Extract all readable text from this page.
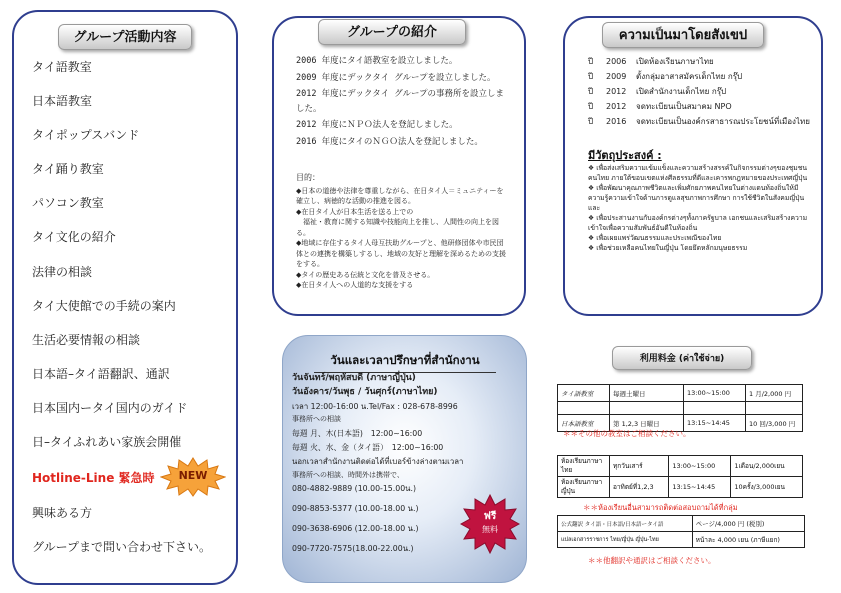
グループ活動内容
タイ語教室
日本語教室
タイポップスバンド
タイ踊り教室
パソコン教室
タイ文化の紹介
法律の相談
タイ大使館での手続の案内
生活必要情報の相談
日本語–タイ語翻訳、通訳
日本国内ータイ国内のガイド
日–タイふれあい家族会開催
興味ある方
グループまで問い合わせ下さい。
Hotline-Line 緊急時	NEW
グループの紹介
2006 年度にタイ語教室を設立しました。
2009 年度にデックタイ グループを設立しました。
2012 年度にデックタイ グループの事務所を設立しました。
2012 年度にＮＰＯ法人を登記しました。
2016 年度にタイのＮＧＯ法人を登記しました。
目的：
◆日本の道徳や法律を尊重しながら、在日タイ人＝ミュニティーを確立し、病徳的な活動の推進を図る。
◆在日タイ人が日本生活を送る上での
　福祉・教育に関する知識や技能向上を推し、人間性の向上を図る。
◆地域に存住するタイ人母互扶助グループと、他研修団体や市民団体との連携を構築しするし、地域の友好と理解を深めるための支援をする。
◆タイの歴史ある伝統と文化を普及させる。
◆在日タイ人への人道的な支援をする
ความเป็นมาโดยสังเขป
ปี	2006	เปิดห้องเรียนภาษาไทย
ปี	2009	ตั้งกลุ่มอาสาสมัครเด็กไทย กรุ๊ป
ปี	2012	เปิดสำนักงานเด็กไทย กรุ๊ป
ปี	2012	จดทะเบียนเป็นสมาคม NPO
ปี 2016 จดทะเบียนเป็นองค์กรสาธารณประโยชน์ที่เมืองไทย
มีวัตถุประสงค์ :
❖ เพื่อส่งเสริมความเข้มแข็งและความสร้างสรรค์ในกิจกรรมต่างๆของชุมชนคนไทย ภายใต้ขอบเขตแห่งศีลธรรมที่ดีและเคารพกฎหมายของประเทศญี่ปุ่น
❖ เพื่อพัฒนาคุณภาพชีวิตและเพิ่มศักยภาพคนไทยในต่างแดนท้องถิ่นให้มีความรู้ความเข้าใจด้านการดูแลสุขภาพการศึกษา การใช้ชีวิตในสังคมญี่ปุ่นและ
❖ เพื่อประสานงานกับองค์กรต่างๆทั้งภาครัฐบาล เอกชนและเสริมสร้างความเข้าใจเพื่อความสัมพันธ์อันดีในท้องถิ่น
❖ เพื่อเผยแพร่วัฒนธรรมและประเพณีของไทย
❖ เพื่อช่วยเหลือคนไทยในญี่ปุ่น โดยยึดหลักมนุษยธรรม
วันและเวลาปรึกษาที่สำนักงาน
วันจันทร์/พฤหัสบดี (ภาษาญี่ปุ่น)
วันอังคาร/วันพุธ / วันศุกร์(ภาษาไทย)
เวลา 12:00-16:00 น.Tel/Fax : 028-678-8996
事務所への相談
毎週 月、木(日本語)　12:00~16:00
毎週 火、水、金（タイ語）　12:00~16:00
นอกเวลาสำนักงานติดต่อได้ที่เบอร์ข้างล่างตามเวลา
事務所への相談、時間外は携帯で、
080-4882-9889 (10.00-15.00น.)
090-8853-5377 (10.00-18.00 น.)
090-3638-6906 (12.00-18.00 น.)
090-7720-7575(18.00-22.00น.)
ฟรี
無料
利用料金 (ค่าใช้จ่าย)
タイ語教室	毎週土曜日	13:00~15:00	1 月/2,000 円

日本語教室	第 1,2,3 日曜日	13:15~14:45	10 回/3,000 円
＊＊その他の教室はご相談ください。
ห้องเรียนภาษาไทย	ทุกวันเสาร์	13:00~15:00	1เดือน/2,000เยน
ห้องเรียนภาษาญี่ปุ่น	อาทิตย์ที่1,2,3	13:15~14:45	10ครั้ง/3,000เยน
＊＊ห้องเรียนอื่นสามารถติดต่อสอบถามได้ที่กลุ่ม
公式翻訳 タイ語・日本語/日本語ータイ語	ページ/4,000 円 (税別)
แปลเอกสารราชการ ไทย/ญี่ปุ่น ญี่ปุ่น-ไทย	หน้าละ 4,000 เยน (ภาษีแยก)
＊＊他翻訳や通訳はご相談ください。
